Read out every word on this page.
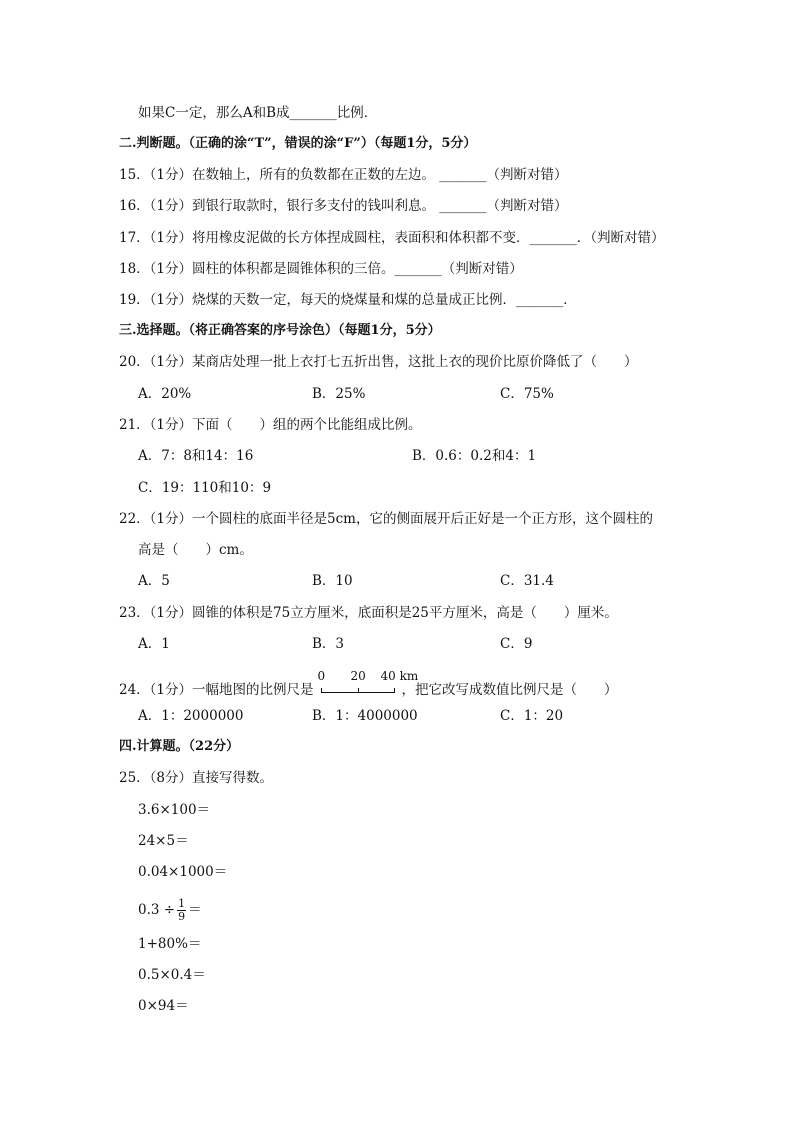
如果C一定，那么A和B成_______比例．
二.判断题。（正确的涂“T”，错误的涂“F”）（每题1分，5分）
15．（1分）在数轴上，所有的负数都在正数的左边。 _______（判断对错）
16．（1分）到银行取款时，银行多支付的钱叫利息。 _______（判断对错）
17．（1分）将用橡皮泥做的长方体捏成圆柱，表面积和体积都不变．_______．（判断对错）
18．（1分）圆柱的体积都是圆锥体积的三倍。_______（判断对错）
19．（1分）烧煤的天数一定，每天的烧煤量和煤的总量成正比例．_______．
三.选择题。（将正确答案的序号涂色）（每题1分，5分）
20．（1分）某商店处理一批上衣打七五折出售，这批上衣的现价比原价降低了（　　）
A．20%	B．25%	C．75%
21．（1分）下面（　　）组的两个比能组成比例。
A．7：8和14：16	B．0.6：0.2和4：1
C．19：110和10：9
22．（1分）一个圆柱的底面半径是5cm，它的侧面展开后正好是一个正方形，这个圆柱的
高是（　　）cm。
A．5	B．10	C．31.4
23．（1分）圆锥的体积是75立方厘米，底面积是25平方厘米，高是（　　）厘米。
A．1	B．3	C．9
24．（1分）一幅地图的比例尺是
0 20 40 km
，把它改写成数值比例尺是（　　）
A．1：2000000	B．1：4000000	C．1：20
四.计算题。（22分）
25．（8分）直接写得数。
3.6×100＝
24×5＝
0.04×1000＝
$0.3 \div \frac{1}{9}$ ＝
1+80%＝
0.5×0.4＝
0×94＝
